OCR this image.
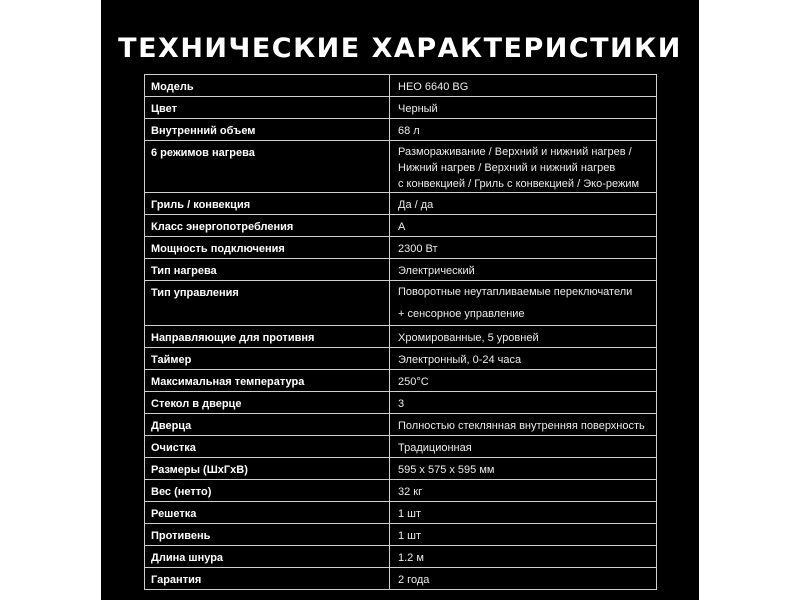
ТЕХНИЧЕСКИЕ ХАРАКТЕРИСТИКИ
Модель	HEO 6640 BG
Цвет	Черный
Внутренний объем	68 л
6 режимов нагрева	Размораживание / Верхний и нижний нагрев /
Нижний нагрев / Верхний и нижний нагрев
с конвекцией / Гриль с конвекцией / Эко-режим

Гриль / конвекция	Да / да
Класс энергопотребления	A
Мощность подключения	2300 Вт
Тип нагрева	Электрический
Тип управления	Поворотные неутапливаемые переключатели
+ сенсорное управление

Направляющие для противня	Хромированные, 5 уровней
Таймер	Электронный, 0-24 часа
Максимальная температура	250°C
Стекол в дверце	3
Дверца	Полностью стеклянная внутренняя поверхность
Очистка	Традиционная
Размеры (ШхГхВ)	595 х 575 х 595 мм
Вес (нетто)	32 кг
Решетка	1 шт
Противень	1 шт
Длина шнура	1.2 м
Гарантия	2 года
